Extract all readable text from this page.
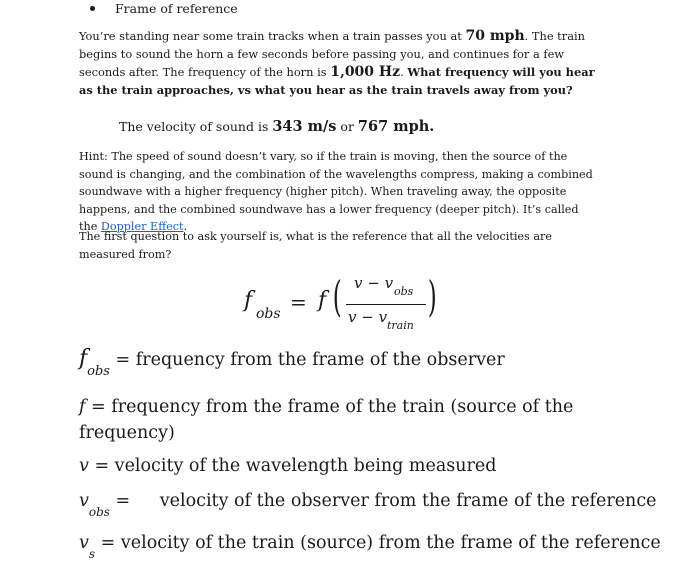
Frame of reference
You’re standing near some train tracks when a train passes you at 70 mph. The train begins to sound the horn a few seconds before passing you, and continues for a few seconds after. The frequency of the horn is 1,000 Hz. What frequency will you hear as the train approaches, vs what you hear as the train travels away from you?
The velocity of sound is 343 m/s or 767 mph.
Hint: The speed of sound doesn’t vary, so if the train is moving, then the source of the sound is changing, and the combination of the wavelengths compress, making a combined soundwave with a higher frequency (higher pitch). When traveling away, the opposite happens, and the combined soundwave has a lower frequency (deeper pitch). It’s called the Doppler Effect.
The first question to ask yourself is, what is the reference that all the velocities are measured from?
f
obs = f ( v − v obs
v − v train
)
$f_{obs}$ = frequency from the frame of the observer
f = frequency from the frame of the train (source of the frequency)
v = velocity of the wavelength being measured
$v_{obs}$ = velocity of the observer from the frame of the reference
$v_s$ = velocity of the train (source) from the frame of the reference
